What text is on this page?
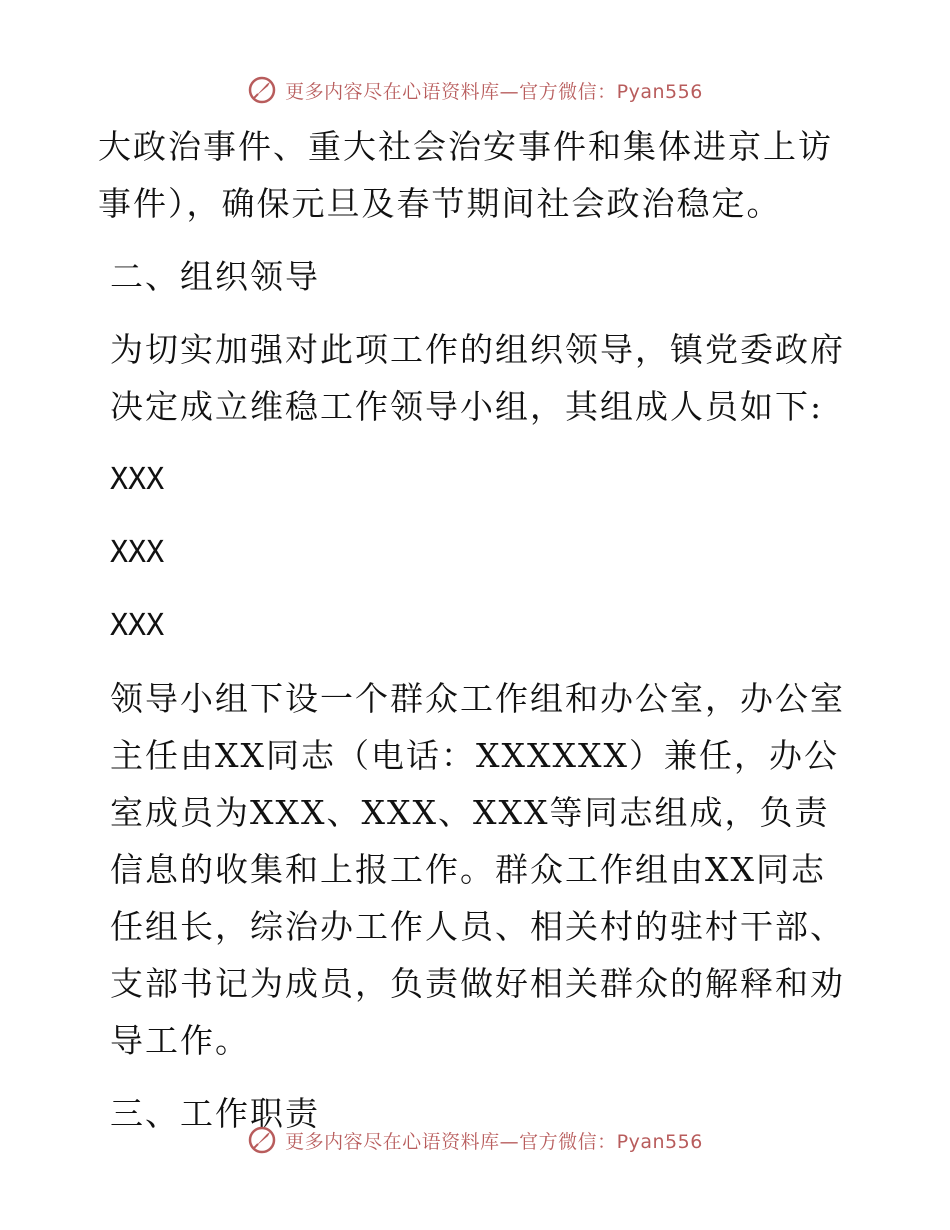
更多内容尽在心语资料库—官方微信：Pyan556

大政治事件、重大社会治安事件和集体进京上访事件），确保元旦及春节期间社会政治稳定。

二、组织领导

为切实加强对此项工作的组织领导，镇党委政府决定成立维稳工作领导小组，其组成人员如下:

XXX

XXX

XXX

领导小组下设一个群众工作组和办公室，办公室主任由XX同志（电话：XXXXXX）兼任，办公室成员为XXX、XXX、XXX等同志组成，负责信息的收集和上报工作。群众工作组由XX同志任组长，综治办工作人员、相关村的驻村干部、支部书记为成员，负责做好相关群众的解释和劝导工作。

三、工作职责

更多内容尽在心语资料库—官方微信：Pyan556
